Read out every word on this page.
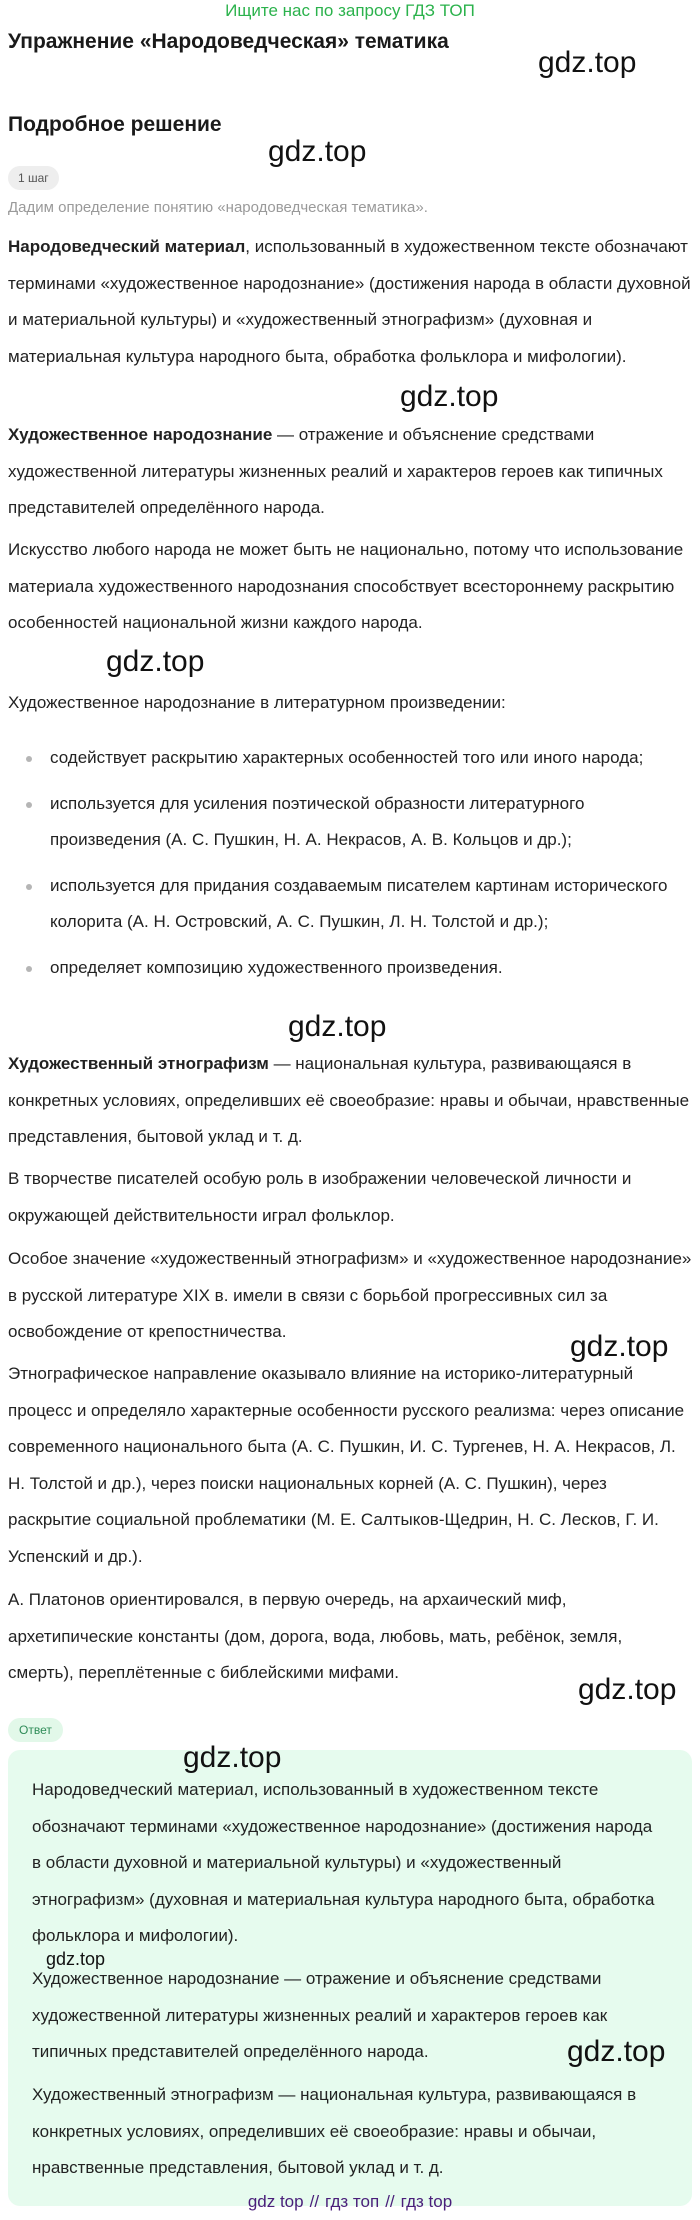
Ищите нас по запросу ГДЗ ТОП
Упражнение «Народоведческая» тематика
Подробное решение
1 шаг

Дадим определение понятию «народоведческая тематика».

Народоведческий материал, использованный в художественном тексте обозначают терминами «художественное народознание» (достижения народа в области духовной и материальной культуры) и «художественный этнографизм» (духовная и материальная культура народного быта, обработка фольклора и мифологии).

Художественное народознание — отражение и объяснение средствами художественной литературы жизненных реалий и характеров героев как типичных представителей определённого народа.

Искусство любого народа не может быть не национально, потому что использование материала художественного народознания способствует всестороннему раскрытию особенностей национальной жизни каждого народа.

Художественное народознание в литературном произведении:

содействует раскрытию характерных особенностей того или иного народа;
используется для усиления поэтической образности литературного произведения (А. С. Пушкин, Н. А. Некрасов, А. В. Кольцов и др.);
используется для придания создаваемым писателем картинам исторического колорита (А. Н. Островский, А. С. Пушкин, Л. Н. Толстой и др.);
определяет композицию художественного произведения.

Художественный этнографизм — национальная культура, развивающаяся в конкретных условиях, определивших её своеобразие: нравы и обычаи, нравственные представления, бытовой уклад и т. д.

В творчестве писателей особую роль в изображении человеческой личности и окружающей действительности играл фольклор.

Особое значение «художественный этнографизм» и «художественное народознание» в русской литературе XIX в. имели в связи с борьбой прогрессивных сил за освобождение от крепостничества.

Этнографическое направление оказывало влияние на историко-литературный процесс и определяло характерные особенности русского реализма: через описание современного национального быта (А. С. Пушкин, И. С. Тургенев, Н. А. Некрасов, Л. Н. Толстой и др.), через поиски национальных корней (А. С. Пушкин), через раскрытие социальной проблематики (М. Е. Салтыков-Щедрин, Н. С. Лесков, Г. И. Успенский и др.).

А. Платонов ориентировался, в первую очередь, на архаический миф, архетипические константы (дом, дорога, вода, любовь, мать, ребёнок, земля, смерть), переплётенные с библейскими мифами.

Ответ

Народоведческий материал, использованный в художественном тексте обозначают терминами «художественное народознание» (достижения народа в области духовной и материальной культуры) и «художественный этнографизм» (духовная и материальная культура народного быта, обработка фольклора и мифологии).

Художественное народознание — отражение и объяснение средствами художественной литературы жизненных реалий и характеров героев как типичных представителей определённого народа.

Художественный этнографизм — национальная культура, развивающаяся в конкретных условиях, определивших её своеобразие: нравы и обычаи, нравственные представления, бытовой уклад и т. д.

gdz.top
gdz.top
gdz.top
gdz.top
gdz.top
gdz.top
gdz.top
gdz.top
gdz.top
gdz.top
gdz top // гдз топ // гдз top
